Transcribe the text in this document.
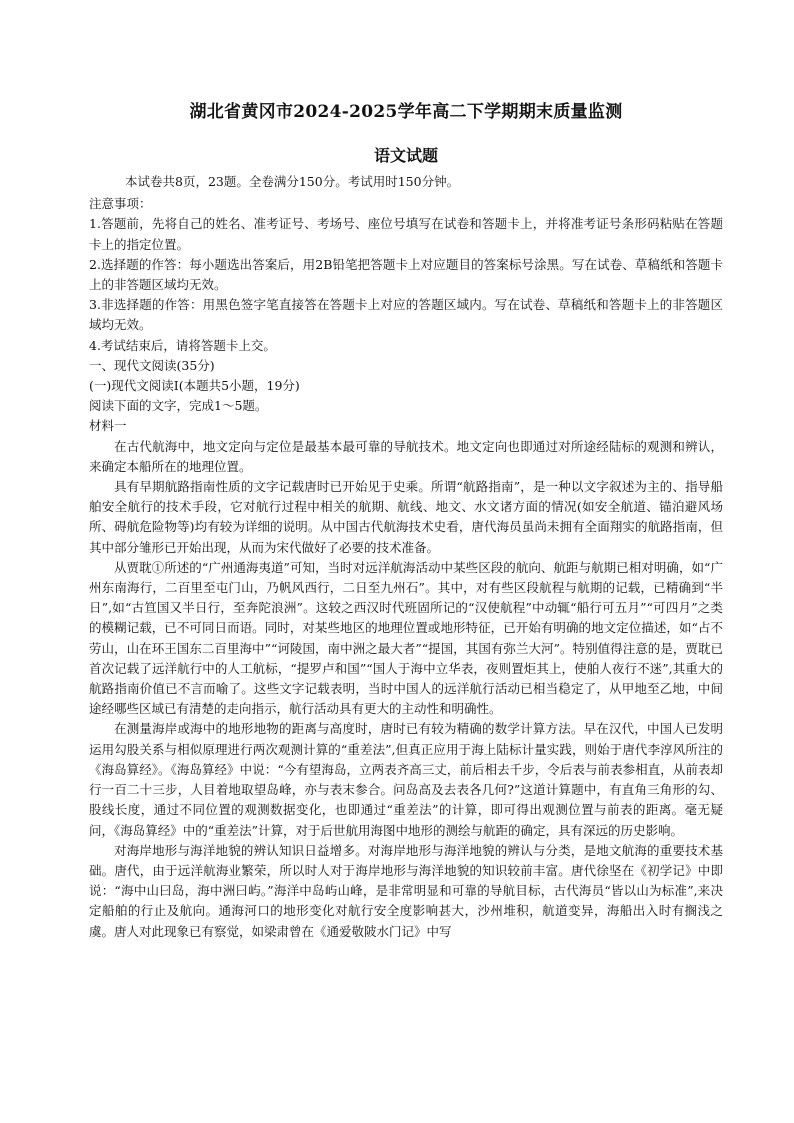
湖北省黄冈市2024-2025学年高二下学期期末质量监测
语文试题

本试卷共8页，23题。全卷满分150分。考试用时150分钟。

注意事项：

1.答题前，先将自己的姓名、准考证号、考场号、座位号填写在试卷和答题卡上，并将准考证号条形码粘贴在答题卡上的指定位置。

2.选择题的作答：每小题选出答案后，用2B铅笔把答题卡上对应题目的答案标号涂黑。写在试卷、草稿纸和答题卡上的非答题区域均无效。

3.非选择题的作答：用黑色签字笔直接答在答题卡上对应的答题区域内。写在试卷、草稿纸和答题卡上的非答题区域均无效。

4.考试结束后，请将答题卡上交。

一、现代文阅读(35分)

(一)现代文阅读Ⅰ(本题共5小题，19分)

阅读下面的文字，完成1～5题。

材料一

在古代航海中，地文定向与定位是最基本最可靠的导航技术。地文定向也即通过对所途经陆标的观测和辨认，来确定本船所在的地理位置。

具有早期航路指南性质的文字记载唐时已开始见于史乘。所谓“航路指南”，是一种以文字叙述为主的、指导船舶安全航行的技术手段，它对航行过程中相关的航期、航线、地文、水文诸方面的情况(如安全航道、锚泊避风场所、碍航危险物等)均有较为详细的说明。从中国古代航海技术史看，唐代海员虽尚未拥有全面翔实的航路指南，但其中部分雏形已开始出现，从而为宋代做好了必要的技术准备。

从贾耽①所述的“广州通海夷道”可知，当时对远洋航海活动中某些区段的航向、航距与航期已相对明确，如“广州东南海行，二百里至屯门山，乃帆风西行，二日至九州石”。其中，对有些区段航程与航期的记载，已精确到“半日”,如“古笪国又半日行，至奔陀浪洲”。这较之西汉时代班固所记的“汉使航程”中动辄“船行可五月”“可四月”之类的模糊记载，已不可同日而语。同时，对某些地区的地理位置或地形特征，已开始有明确的地文定位描述，如“占不劳山，山在环王国东二百里海中”“诃陵国，南中洲之最大者”“提国，其国有弥兰大河”。特别值得注意的是，贾耽已首次记载了远洋航行中的人工航标，“提罗卢和国”“国人于海中立华表，夜则置炬其上，使舶人夜行不迷”,其重大的航路指南价值已不言而喻了。这些文字记载表明，当时中国人的远洋航行活动已相当稳定了，从甲地至乙地，中间途经哪些区域已有清楚的走向指示，航行活动具有更大的主动性和明确性。

在测量海岸或海中的地形地物的距离与高度时，唐时已有较为精确的数学计算方法。早在汉代，中国人已发明运用勾股关系与相似原理进行两次观测计算的“重差法”,但真正应用于海上陆标计量实践，则始于唐代李淳风所注的《海岛算经》。《海岛算经》中说：“今有望海岛，立两表齐高三丈，前后相去千步，令后表与前表参相直，从前表却行一百二十三步，人目着地取望岛峰，亦与表末参合。问岛高及去表各几何?”这道计算题中，有直角三角形的勾、股线长度，通过不同位置的观测数据变化，也即通过“重差法”的计算，即可得出观测位置与前表的距离。毫无疑问，《海岛算经》中的“重差法”计算，对于后世航用海图中地形的测绘与航距的确定，具有深远的历史影响。

对海岸地形与海洋地貌的辨认知识日益增多。对海岸地形与海洋地貌的辨认与分类，是地文航海的重要技术基础。唐代，由于远洋航海业繁荣，所以时人对于海岸地形与海洋地貌的知识较前丰富。唐代徐坚在《初学记》中即说：“海中山曰岛，海中洲曰屿。”海洋中岛屿山峰，是非常明显和可靠的导航目标，古代海员“皆以山为标准”,来决定船舶的行止及航向。通海河口的地形变化对航行安全度影响甚大，沙州堆积，航道变异，海船出入时有搁浅之虞。唐人对此现象已有察觉，如梁肃曾在《通爱敬陂水门记》中写
